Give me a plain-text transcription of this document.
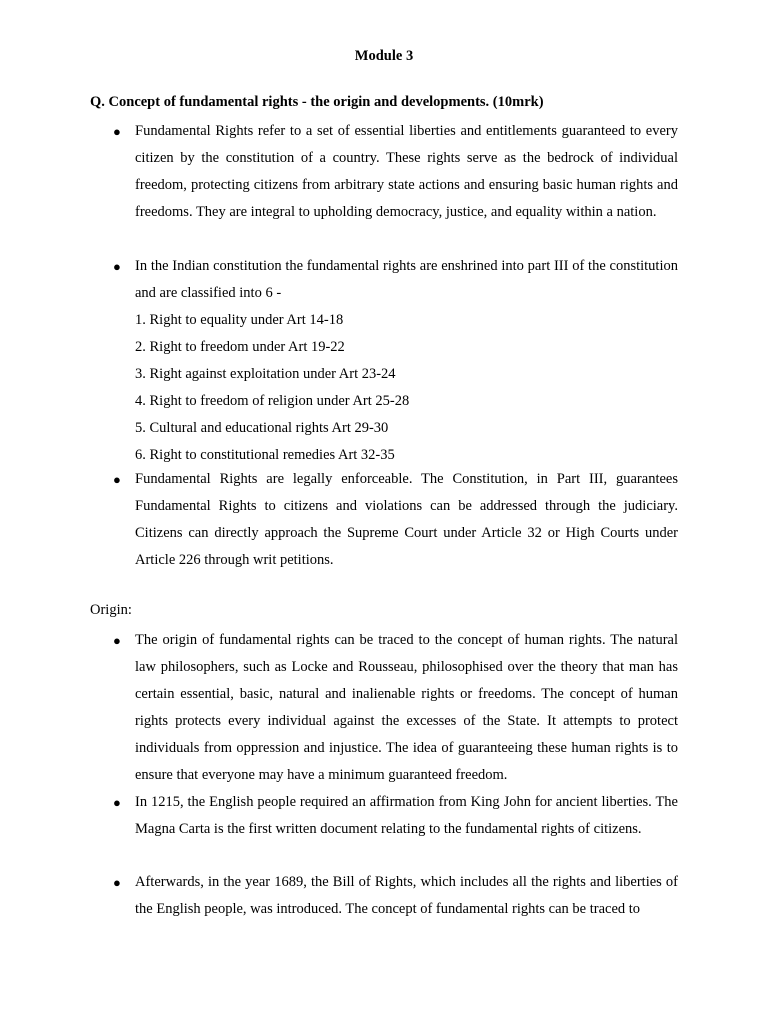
Module 3
Q. Concept of fundamental rights - the origin and developments. (10mrk)
● Fundamental Rights refer to a set of essential liberties and entitlements guaranteed to every citizen by the constitution of a country. These rights serve as the bedrock of individual freedom, protecting citizens from arbitrary state actions and ensuring basic human rights and freedoms. They are integral to upholding democracy, justice, and equality within a nation.
● In the Indian constitution the fundamental rights are enshrined into part III of the constitution and are classified into 6 -
1. Right to equality under Art 14-18
2. Right to freedom under Art 19-22
3. Right against exploitation under Art 23-24
4. Right to freedom of religion under Art 25-28
5. Cultural and educational rights Art 29-30
6. Right to constitutional remedies Art 32-35
● Fundamental Rights are legally enforceable. The Constitution, in Part III, guarantees Fundamental Rights to citizens and violations can be addressed through the judiciary. Citizens can directly approach the Supreme Court under Article 32 or High Courts under Article 226 through writ petitions.
Origin:
● The origin of fundamental rights can be traced to the concept of human rights. The natural law philosophers, such as Locke and Rousseau, philosophised over the theory that man has certain essential, basic, natural and inalienable rights or freedoms. The concept of human rights protects every individual against the excesses of the State. It attempts to protect individuals from oppression and injustice. The idea of guaranteeing these human rights is to ensure that everyone may have a minimum guaranteed freedom.
● In 1215, the English people required an affirmation from King John for ancient liberties. The Magna Carta is the first written document relating to the fundamental rights of citizens.
● Afterwards, in the year 1689, the Bill of Rights, which includes all the rights and liberties of the English people, was introduced. The concept of fundamental rights can be traced to
